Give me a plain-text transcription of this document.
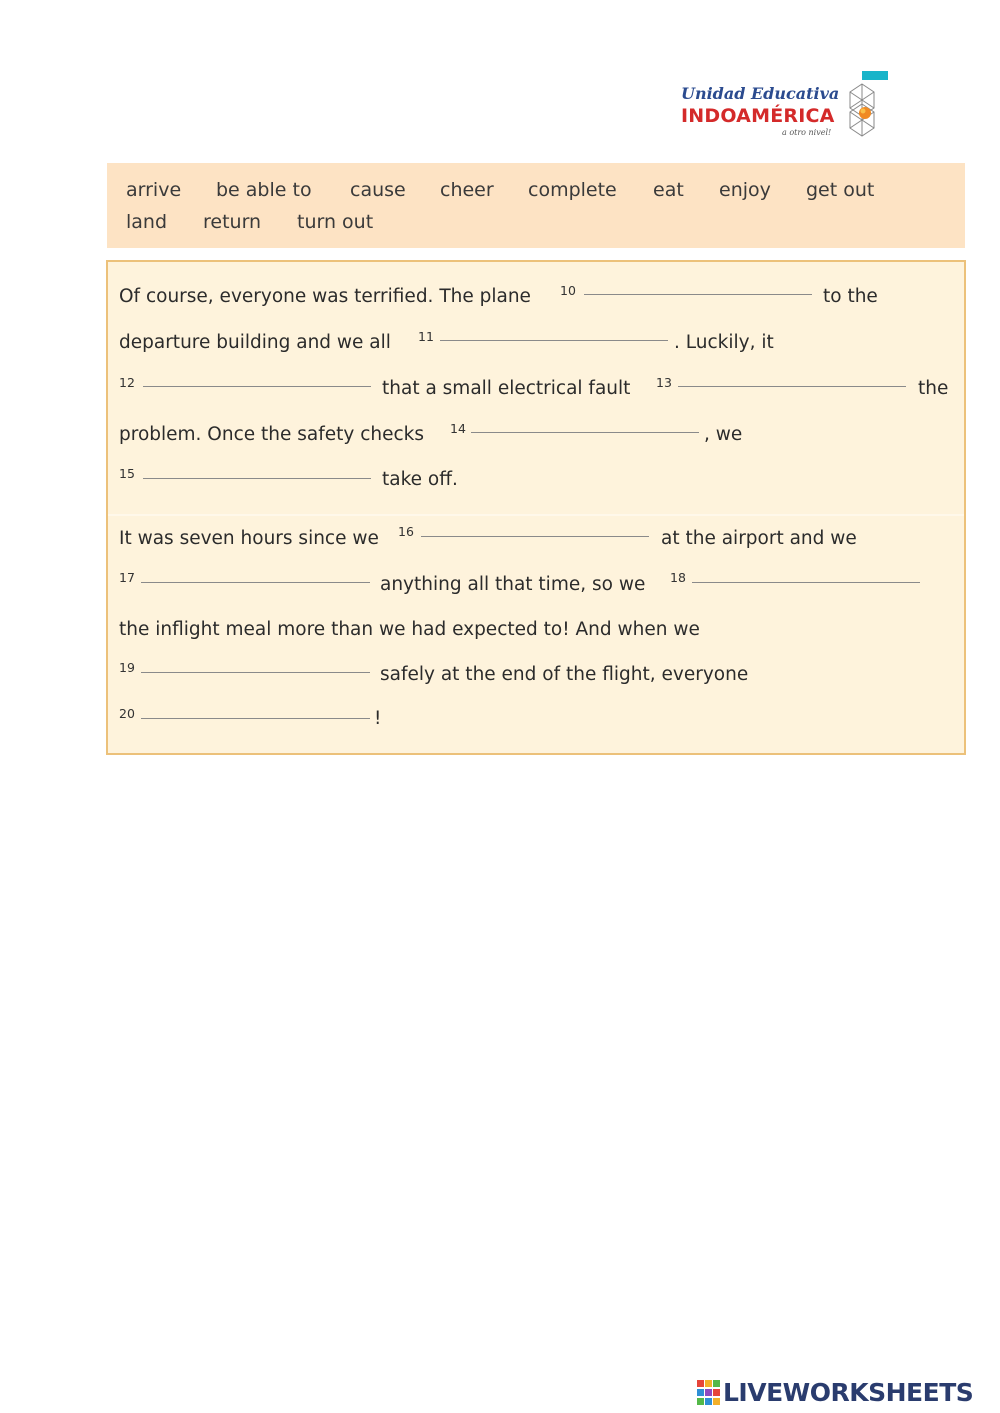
Unidad Educativa
INDOAMÉRICA
a otro nivel!
arrive be able to cause cheer complete eat enjoy get out
land return turn out
Of course, everyone was terrified. The plane 10	to the
departure building and we all 11	. Luckily, it
12	that a small electrical fault 13	the
problem. Once the safety checks 14	, we
15	take off.
It was seven hours since we 16	at the airport and we
17	anything all that time, so we 18
the inflight meal more than we had expected to! And when we
19	safely at the end of the flight, everyone
20	!
LIVEWORKSHEETS
